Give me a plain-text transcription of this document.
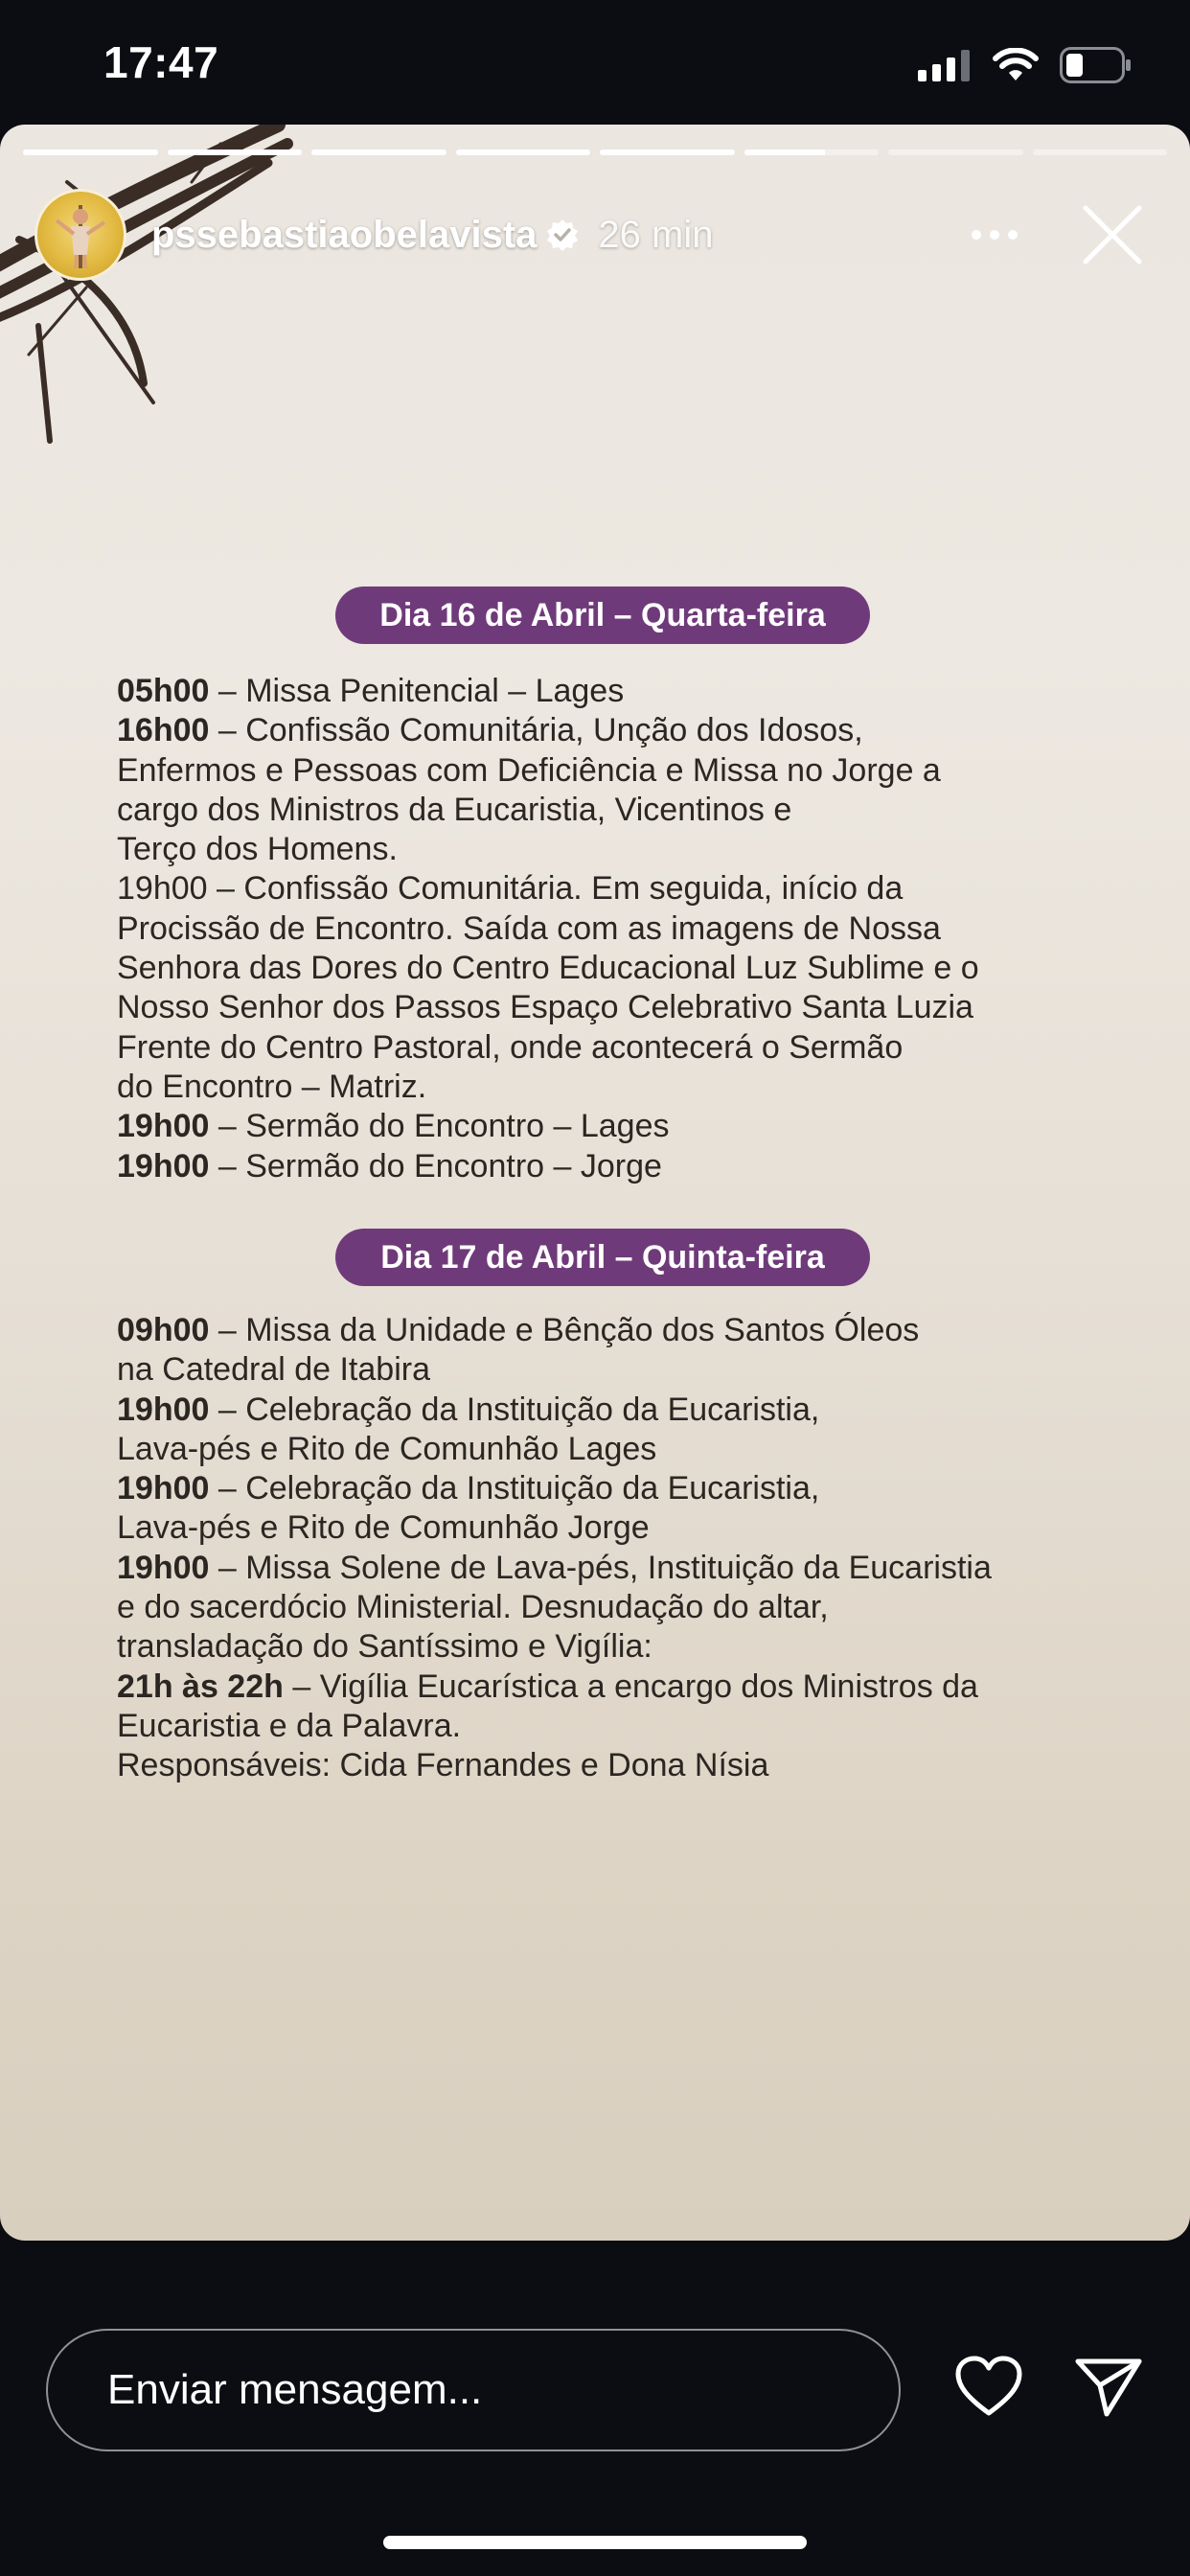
17:47
pssebastiaobelavista 26 min
Dia 16 de Abril – Quarta-feira
05h00 – Missa Penitencial – Lages
16h00 – Confissão Comunitária, Unção dos Idosos,
Enfermos e Pessoas com Deficiência e Missa no Jorge a
cargo dos Ministros da Eucaristia, Vicentinos e
Terço dos Homens.
19h00 – Confissão Comunitária. Em seguida, início da
Procissão de Encontro. Saída com as imagens de Nossa
Senhora das Dores do Centro Educacional Luz Sublime e o
Nosso Senhor dos Passos Espaço Celebrativo Santa Luzia
Frente do Centro Pastoral, onde acontecerá o Sermão
do Encontro – Matriz.
19h00 – Sermão do Encontro – Lages
19h00 – Sermão do Encontro – Jorge
Dia 17 de Abril – Quinta-feira
09h00 – Missa da Unidade e Bênção dos Santos Óleos
na Catedral de Itabira
19h00 – Celebração da Instituição da Eucaristia,
Lava-pés e Rito de Comunhão Lages
19h00 – Celebração da Instituição da Eucaristia,
Lava-pés e Rito de Comunhão Jorge
19h00 – Missa Solene de Lava-pés, Instituição da Eucaristia
e do sacerdócio Ministerial. Desnudação do altar,
transladação do Santíssimo e Vigília:
21h às 22h – Vigília Eucarística a encargo dos Ministros da
Eucaristia e da Palavra.
Responsáveis: Cida Fernandes e Dona Nísia
Enviar mensagem...
